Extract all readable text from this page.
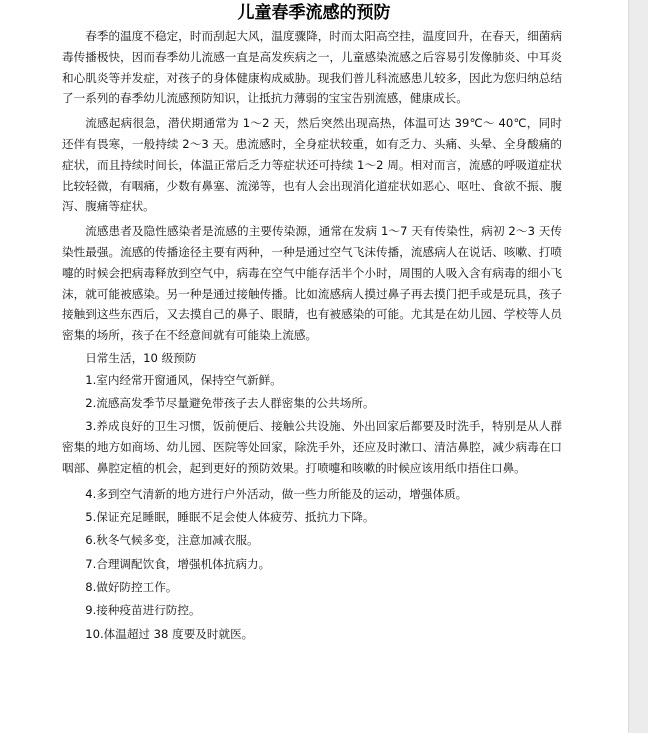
儿童春季流感的预防

春季的温度不稳定，时而刮起大风，温度骤降，时而太阳高空挂，温度回升，在春天，细菌病毒传播极快，因而春季幼儿流感一直是高发疾病之一，儿童感染流感之后容易引发像肺炎、中耳炎和心肌炎等并发症，对孩子的身体健康构成威胁。现我们普儿科流感患儿较多，因此为您归纳总结了一系列的春季幼儿流感预防知识，让抵抗力薄弱的宝宝告别流感，健康成长。

流感起病很急，潜伏期通常为 1～2 天，然后突然出现高热，体温可达 39℃～ 40℃，同时还伴有畏寒，一般持续 2～3 天。患流感时，全身症状较重，如有乏力、头痛、头晕、全身酸痛的症状，而且持续时间长，体温正常后乏力等症状还可持续 1～2 周。相对而言，流感的呼吸道症状比较轻微，有咽痛，少数有鼻塞、流涕等，也有人会出现消化道症状如恶心、呕吐、食欲不振、腹泻、腹痛等症状。

流感患者及隐性感染者是流感的主要传染源，通常在发病 1～7 天有传染性，病初 2～3 天传染性最强。流感的传播途径主要有两种，一种是通过空气飞沫传播，流感病人在说话、咳嗽、打喷嚏的时候会把病毒释放到空气中，病毒在空气中能存活半个小时，周围的人吸入含有病毒的细小飞沫，就可能被感染。另一种是通过接触传播。比如流感病人摸过鼻子再去摸门把手或是玩具，孩子接触到这些东西后，又去摸自己的鼻子、眼睛，也有被感染的可能。尤其是在幼儿园、学校等人员密集的场所，孩子在不经意间就有可能染上流感。

日常生活，10 级预防

1.室内经常开窗通风，保持空气新鲜。

2.流感高发季节尽量避免带孩子去人群密集的公共场所。

3.养成良好的卫生习惯，饭前便后、接触公共设施、外出回家后都要及时洗手，特别是从人群密集的地方如商场、幼儿园、医院等处回家，除洗手外，还应及时漱口、清洁鼻腔，减少病毒在口咽部、鼻腔定植的机会，起到更好的预防效果。打喷嚏和咳嗽的时候应该用纸巾捂住口鼻。

4.多到空气清新的地方进行户外活动，做一些力所能及的运动，增强体质。

5.保证充足睡眠，睡眠不足会使人体疲劳、抵抗力下降。

6.秋冬气候多变，注意加减衣服。

7.合理调配饮食，增强机体抗病力。

8.做好防控工作。

9.接种疫苗进行防控。

10.体温超过 38 度要及时就医。
